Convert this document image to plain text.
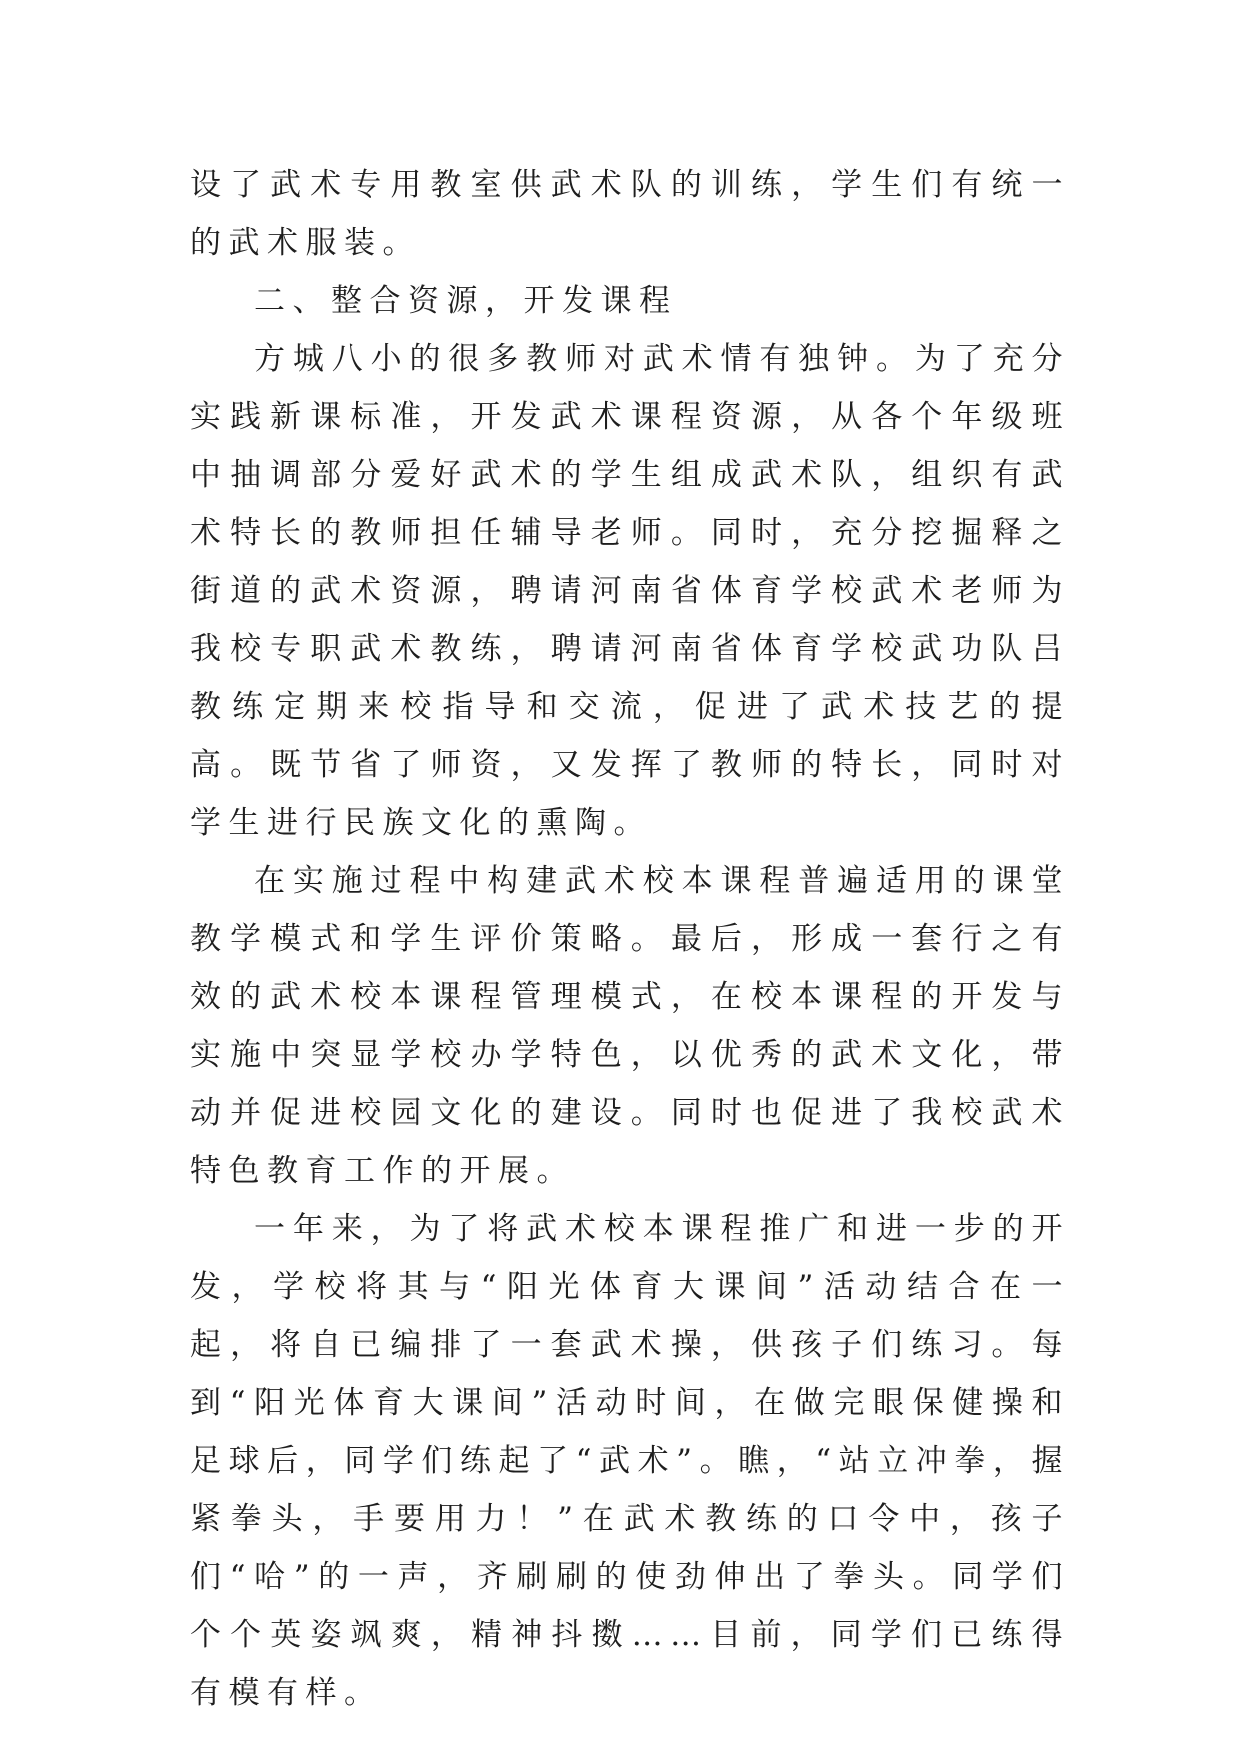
设了武术专用教室供武术队的训练，学生们有统一的武术服装。

二、整合资源，开发课程

方城八小的很多教师对武术情有独钟。为了充分实践新课标准，开发武术课程资源，从各个年级班中抽调部分爱好武术的学生组成武术队，组织有武术特长的教师担任辅导老师。同时，充分挖掘释之街道的武术资源，聘请河南省体育学校武术老师为我校专职武术教练，聘请河南省体育学校武功队吕教练定期来校指导和交流，促进了武术技艺的提高。既节省了师资，又发挥了教师的特长，同时对学生进行民族文化的熏陶。

在实施过程中构建武术校本课程普遍适用的课堂教学模式和学生评价策略。最后，形成一套行之有效的武术校本课程管理模式，在校本课程的开发与实施中突显学校办学特色，以优秀的武术文化，带动并促进校园文化的建设。同时也促进了我校武术特色教育工作的开展。

一年来，为了将武术校本课程推广和进一步的开发，学校将其与“阳光体育大课间”活动结合在一起，将自已编排了一套武术操，供孩子们练习。每到“阳光体育大课间”活动时间，在做完眼保健操和足球后，同学们练起了“武术”。瞧，“站立冲拳，握紧拳头，手要用力！”在武术教练的口令中，孩子们“哈”的一声，齐刷刷的使劲伸出了拳头。同学们个个英姿飒爽，精神抖擞……目前，同学们已练得有模有样。
